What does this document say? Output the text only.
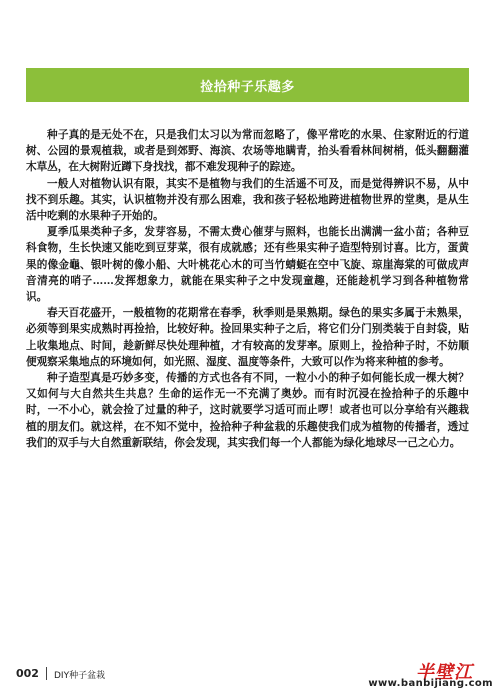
捡拾种子乐趣多

种子真的是无处不在，只是我们太习以为常而忽略了，像平常吃的水果、住家附近的行道树、公园的景观植栽，或者是到郊野、海滨、农场等地瞒青，抬头看看林间树梢，低头翻翻灌木草丛，在大树附近蹲下身找找，都不难发现种子的踪迹。

一般人对植物认识有限，其实不是植物与我们的生活遥不可及，而是觉得辨识不易，从中找不到乐趣。其实，认识植物并没有那么困难，我和孩子轻松地跨进植物世界的堂奥，是从生活中吃剩的水果种子开始的。

夏季瓜果类种子多，发芽容易，不需太费心催芽与照料，也能长出满满一盆小苗；各种豆科食物，生长快速又能吃到豆芽菜，很有成就感；还有些果实种子造型特别讨喜。比方，蛋黄果的像金龜、银叶树的像小船、大叶桃花心木的可当竹蜻蜓在空中飞旋、琼崖海棠的可做成声音清亮的哨子……发挥想象力，就能在果实种子之中发现童趣，还能趁机学习到各种植物常识。

春天百花盛开，一般植物的花期常在春季，秋季则是果熟期。绿色的果实多属于未熟果，必须等到果实成熟时再捡拾，比较好种。捡回果实种子之后，将它们分门别类装于自封袋，贴上收集地点、时间，趁新鲜尽快处理种植，才有较高的发芽率。原则上，捡拾种子时，不妨顺便观察采集地点的环境如何，如光照、湿度、温度等条件，大致可以作为将来种植的参考。

种子造型真是巧妙多变，传播的方式也各有不同，一粒小小的种子如何能长成一棵大树？又如何与大自然共生共息？生命的运作无一不充满了奥妙。而有时沉浸在捡拾种子的乐趣中时，一不小心，就会捡了过量的种子，这时就要学习适可而止啰！或者也可以分享给有兴趣栽植的朋友们。就这样，在不知不觉中，捡拾种子种盆栽的乐趣使我们成为植物的传播者，透过我们的双手与大自然重新联结，你会发现，其实我们每一个人都能为绿化地球尽一己之心力。

002 DIY种子盆栽	半壁江
www.banbijiang.com
